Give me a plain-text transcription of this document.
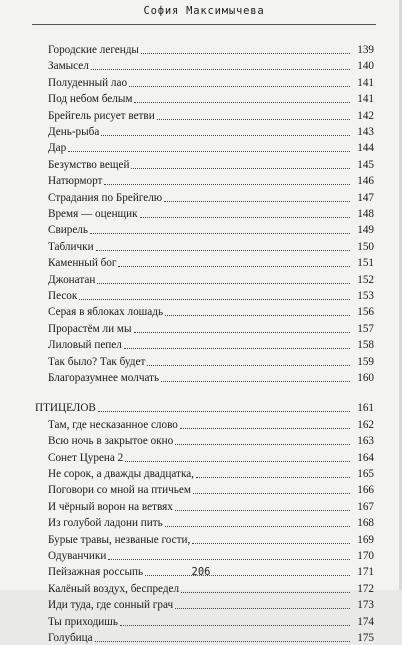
София Максимычева
Городские легенды	139
Замысел	140
Полуденный лао	141
Под небом белым	141
Брейгель рисует ветви	142
День-рыба	143
Дар	144
Безумство вещей	145
Натюрморт	146
Страдания по Брейгелю	147
Время — оценщик	148
Свирель	149
Таблички	150
Каменный бог	151
Джонатан	152
Песок	153
Серая в яблоках лошадь	156
Прорастём ли мы	157
Лиловый пепел	158
Так было? Так будет	159
Благоразумнее молчать	160
ПТИЦЕЛОВ	161
Там, где несказанное слово	162
Всю ночь в закрытое окно	163
Сонет Цурена 2	164
Не сорок, а дважды двадцатка,	165
Поговори со мной на птичьем	166
И чёрный ворон на ветвях	167
Из голубой ладони пить	168
Бурые травы, незваные гости,	169
Одуванчики	170
Пейзажная россыпь	171
Калёный воздух, беспредел	172
Иди туда, где сонный грач	173
Ты приходишь	174
Голубица	175
206
